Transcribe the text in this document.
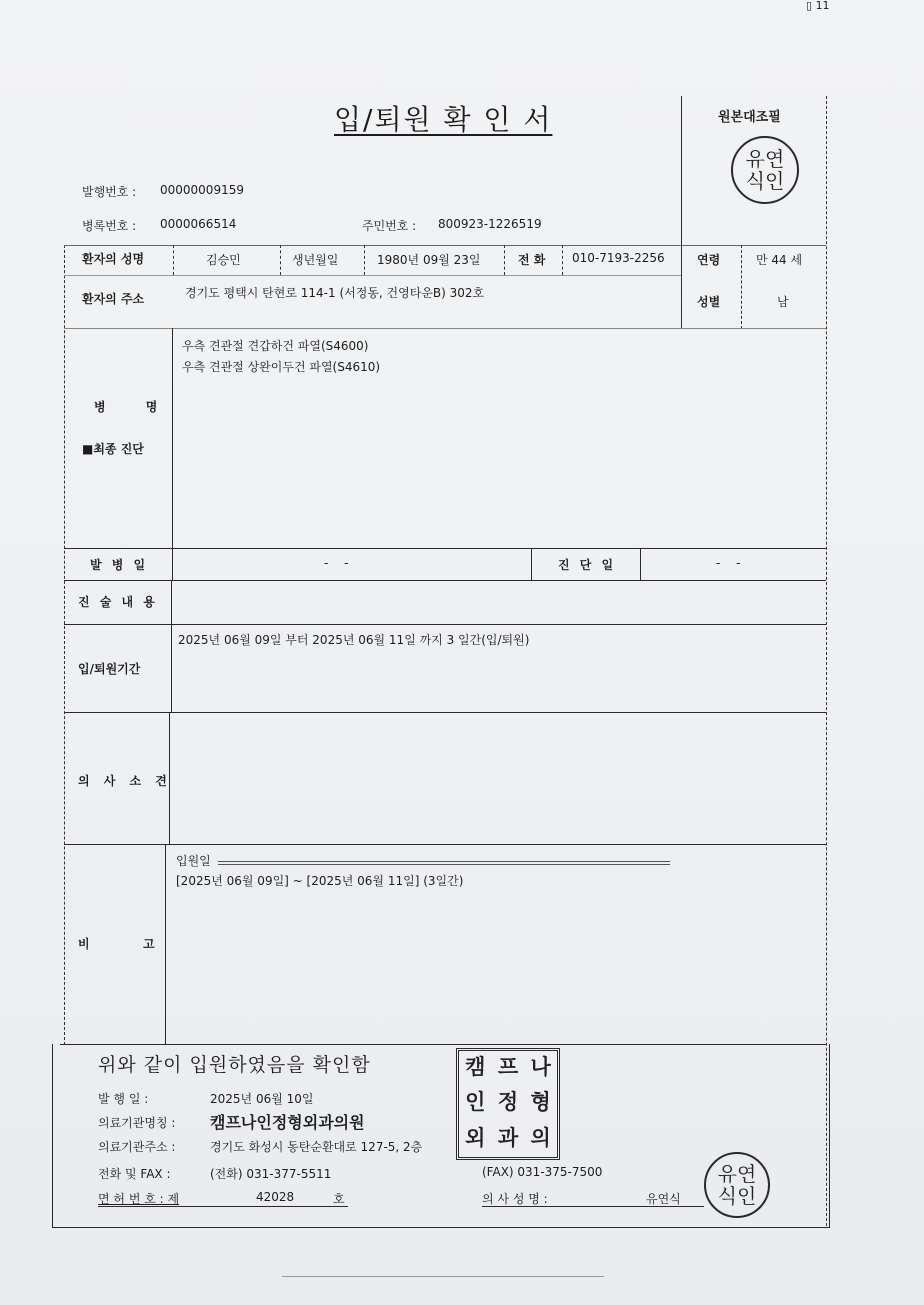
▯ 11
입/퇴원 확 인 서	원본대조필
유연
식인
발행번호 : 00000009159
병록번호 : 0000066514	주민번호 : 800923-1226519
환자의 성명	김승민	생년월일	1980년 09월 23일	전 화 010-7193-2256	연령	만 44 세
환자의 주소	경기도 평택시 탄현로 114-1 (서정동, 건영타운B) 302호
성별	남
우측 견관절 견갑하건 파열(S4600)
우측 견관절 상완이두건 파열(S4610)
병 명
■최종 진단
발 병 일	- -	진 단 일	- -
진 술 내 용
2025년 06월 09일 부터 2025년 06월 11일 까지 3 일간(입/퇴원)
입/퇴원기간
의 사 소 견
비	고
입원일
[2025년 06월 09일] ~ [2025년 06월 11일] (3일간)
위와 같이 입원하였음을 확인함	캠 프 나
인 정 형
외 과 의
발 행 일 :	2025년 06월 10일
의료기관명칭 : 캠프나인정형외과의원
의료기관주소 :	경기도 화성시 동탄순환대로 127-5, 2층
전화 및 FAX :	(전화) 031-377-5511	(FAX) 031-375-7500
면 허 번 호 : 제	42028	호	의 사 성 명 :	유연식
유연
식인
